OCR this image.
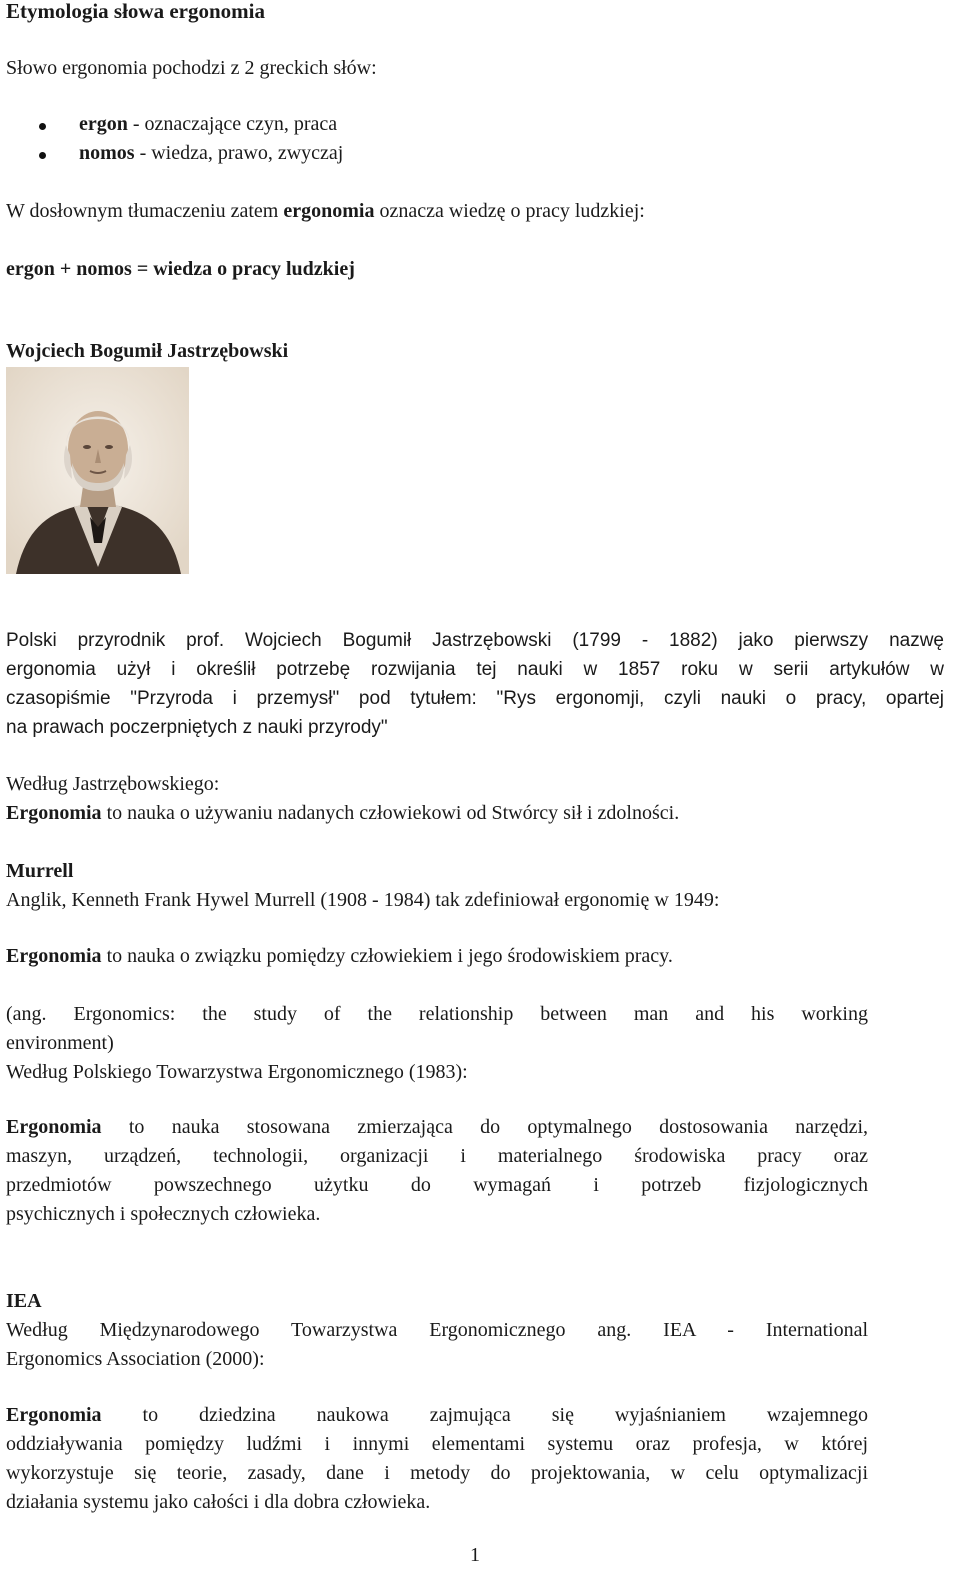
Etymologia słowa ergonomia

Słowo ergonomia pochodzi z 2 greckich słów:

ergon - oznaczające czyn, praca
nomos - wiedza, prawo, zwyczaj

W dosłownym tłumaczeniu zatem ergonomia oznacza wiedzę o pracy ludzkiej:

ergon + nomos = wiedza o pracy ludzkiej

Wojciech Bogumił Jastrzębowski

Polski przyrodnik prof. Wojciech Bogumił Jastrzębowski (1799 - 1882) jako pierwszy nazwę
ergonomia użył i określił potrzebę rozwijania tej nauki w 1857 roku w serii artykułów w
czasopiśmie "Przyroda i przemysł" pod tytułem: "Rys ergonomji, czyli nauki o pracy, opartej
na prawach poczerpniętych z nauki przyrody"
Według Jastrzębowskiego:
Ergonomia to nauka o używaniu nadanych człowiekowi od Stwórcy sił i zdolności.
Murrell
Anglik, Kenneth Frank Hywel Murrell (1908 - 1984) tak zdefiniował ergonomię w 1949:
Ergonomia to nauka o związku pomiędzy człowiekiem i jego środowiskiem pracy.
(ang. Ergonomics: the study of the relationship between man and his working
environment)
Według Polskiego Towarzystwa Ergonomicznego (1983):
Ergonomia to nauka stosowana zmierzająca do optymalnego dostosowania narzędzi,
maszyn, urządzeń, technologii, organizacji i materialnego środowiska pracy oraz
przedmiotów powszechnego użytku do wymagań i potrzeb fizjologicznych
psychicznych i społecznych człowieka.
IEA
Według Międzynarodowego Towarzystwa Ergonomicznego ang. IEA - International
Ergonomics Association (2000):
Ergonomia to dziedzina naukowa zajmująca się wyjaśnianiem wzajemnego
oddziaływania pomiędzy ludźmi i innymi elementami systemu oraz profesja, w której
wykorzystuje się teorie, zasady, dane i metody do projektowania, w celu optymalizacji
działania systemu jako całości i dla dobra człowieka.
1
